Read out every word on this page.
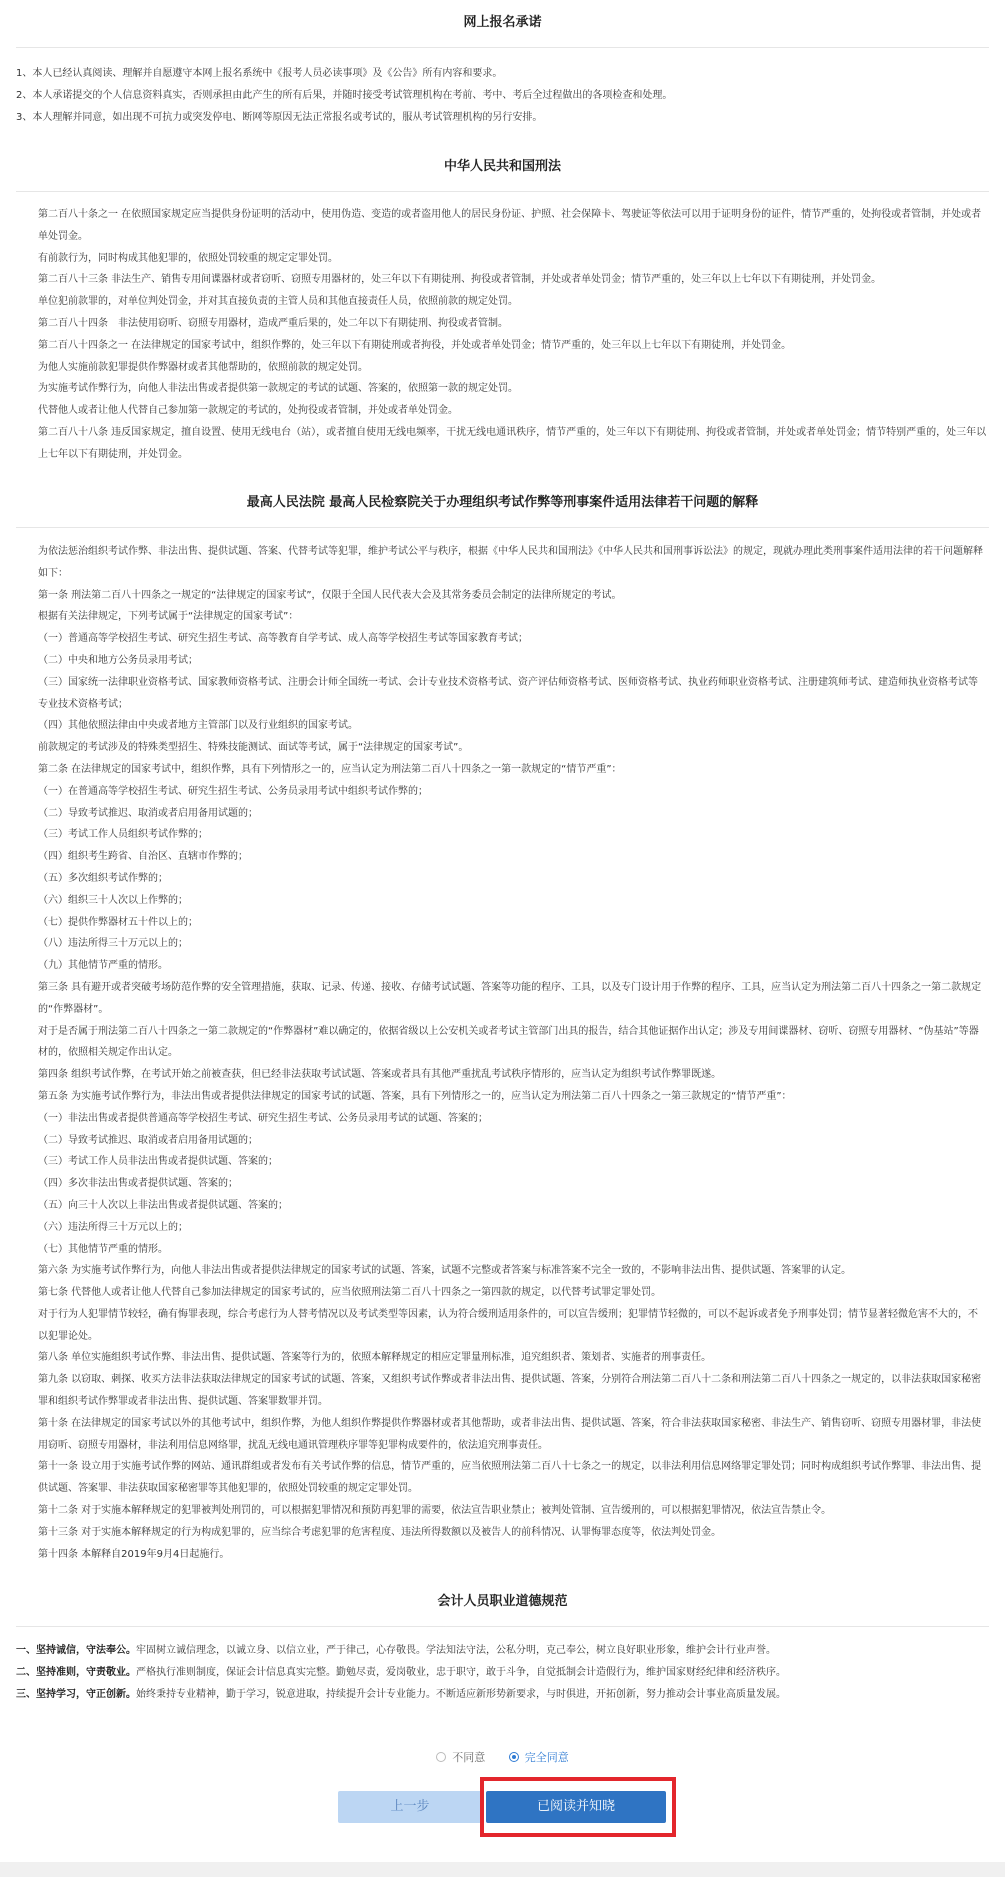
网上报名承诺
1、本人已经认真阅读、理解并自愿遵守本网上报名系统中《报考人员必读事项》及《公告》所有内容和要求。
2、本人承诺提交的个人信息资料真实，否则承担由此产生的所有后果，并随时接受考试管理机构在考前、考中、考后全过程做出的各项检查和处理。
3、本人理解并同意，如出现不可抗力或突发停电、断网等原因无法正常报名或考试的，服从考试管理机构的另行安排。
中华人民共和国刑法
第二百八十条之一 在依照国家规定应当提供身份证明的活动中，使用伪造、变造的或者盗用他人的居民身份证、护照、社会保障卡、驾驶证等依法可以用于证明身份的证件，情节严重的，处拘役或者管制，并处或者单处罚金。
有前款行为，同时构成其他犯罪的，依照处罚较重的规定定罪处罚。
第二百八十三条 非法生产、销售专用间谍器材或者窃听、窃照专用器材的，处三年以下有期徒刑、拘役或者管制，并处或者单处罚金；情节严重的，处三年以上七年以下有期徒刑，并处罚金。
单位犯前款罪的，对单位判处罚金，并对其直接负责的主管人员和其他直接责任人员，依照前款的规定处罚。
第二百八十四条　非法使用窃听、窃照专用器材，造成严重后果的，处二年以下有期徒刑、拘役或者管制。
第二百八十四条之一 在法律规定的国家考试中，组织作弊的，处三年以下有期徒刑或者拘役，并处或者单处罚金；情节严重的，处三年以上七年以下有期徒刑，并处罚金。
为他人实施前款犯罪提供作弊器材或者其他帮助的，依照前款的规定处罚。
为实施考试作弊行为，向他人非法出售或者提供第一款规定的考试的试题、答案的，依照第一款的规定处罚。
代替他人或者让他人代替自己参加第一款规定的考试的，处拘役或者管制，并处或者单处罚金。
第二百八十八条 违反国家规定，擅自设置、使用无线电台（站），或者擅自使用无线电频率，干扰无线电通讯秩序，情节严重的，处三年以下有期徒刑、拘役或者管制，并处或者单处罚金；情节特别严重的，处三年以上七年以下有期徒刑，并处罚金。
最高人民法院 最高人民检察院关于办理组织考试作弊等刑事案件适用法律若干问题的解释
为依法惩治组织考试作弊、非法出售、提供试题、答案、代替考试等犯罪，维护考试公平与秩序，根据《中华人民共和国刑法》《中华人民共和国刑事诉讼法》的规定，现就办理此类刑事案件适用法律的若干问题解释如下：
第一条 刑法第二百八十四条之一规定的“法律规定的国家考试”，仅限于全国人民代表大会及其常务委员会制定的法律所规定的考试。
根据有关法律规定，下列考试属于“法律规定的国家考试”：
（一）普通高等学校招生考试、研究生招生考试、高等教育自学考试、成人高等学校招生考试等国家教育考试；
（二）中央和地方公务员录用考试；
（三）国家统一法律职业资格考试、国家教师资格考试、注册会计师全国统一考试、会计专业技术资格考试、资产评估师资格考试、医师资格考试、执业药师职业资格考试、注册建筑师考试、建造师执业资格考试等专业技术资格考试；
（四）其他依照法律由中央或者地方主管部门以及行业组织的国家考试。
前款规定的考试涉及的特殊类型招生、特殊技能测试、面试等考试，属于“法律规定的国家考试”。
第二条 在法律规定的国家考试中，组织作弊，具有下列情形之一的，应当认定为刑法第二百八十四条之一第一款规定的“情节严重”：
（一）在普通高等学校招生考试、研究生招生考试、公务员录用考试中组织考试作弊的；
（二）导致考试推迟、取消或者启用备用试题的；
（三）考试工作人员组织考试作弊的；
（四）组织考生跨省、自治区、直辖市作弊的；
（五）多次组织考试作弊的；
（六）组织三十人次以上作弊的；
（七）提供作弊器材五十件以上的；
（八）违法所得三十万元以上的；
（九）其他情节严重的情形。
第三条 具有避开或者突破考场防范作弊的安全管理措施，获取、记录、传递、接收、存储考试试题、答案等功能的程序、工具，以及专门设计用于作弊的程序、工具，应当认定为刑法第二百八十四条之一第二款规定的“作弊器材”。
对于是否属于刑法第二百八十四条之一第二款规定的“作弊器材”难以确定的，依据省级以上公安机关或者考试主管部门出具的报告，结合其他证据作出认定；涉及专用间谍器材、窃听、窃照专用器材、“伪基站”等器材的，依照相关规定作出认定。
第四条 组织考试作弊，在考试开始之前被查获，但已经非法获取考试试题、答案或者具有其他严重扰乱考试秩序情形的，应当认定为组织考试作弊罪既遂。
第五条 为实施考试作弊行为，非法出售或者提供法律规定的国家考试的试题、答案，具有下列情形之一的，应当认定为刑法第二百八十四条之一第三款规定的“情节严重”：
（一）非法出售或者提供普通高等学校招生考试、研究生招生考试、公务员录用考试的试题、答案的；
（二）导致考试推迟、取消或者启用备用试题的；
（三）考试工作人员非法出售或者提供试题、答案的；
（四）多次非法出售或者提供试题、答案的；
（五）向三十人次以上非法出售或者提供试题、答案的；
（六）违法所得三十万元以上的；
（七）其他情节严重的情形。
第六条 为实施考试作弊行为，向他人非法出售或者提供法律规定的国家考试的试题、答案，试题不完整或者答案与标准答案不完全一致的，不影响非法出售、提供试题、答案罪的认定。
第七条 代替他人或者让他人代替自己参加法律规定的国家考试的，应当依照刑法第二百八十四条之一第四款的规定，以代替考试罪定罪处罚。
对于行为人犯罪情节较轻，确有悔罪表现，综合考虑行为人替考情况以及考试类型等因素，认为符合缓刑适用条件的，可以宣告缓刑；犯罪情节轻微的，可以不起诉或者免予刑事处罚；情节显著轻微危害不大的，不以犯罪论处。
第八条 单位实施组织考试作弊、非法出售、提供试题、答案等行为的，依照本解释规定的相应定罪量刑标准，追究组织者、策划者、实施者的刑事责任。
第九条 以窃取、刺探、收买方法非法获取法律规定的国家考试的试题、答案，又组织考试作弊或者非法出售、提供试题、答案，分别符合刑法第二百八十二条和刑法第二百八十四条之一规定的，以非法获取国家秘密罪和组织考试作弊罪或者非法出售、提供试题、答案罪数罪并罚。
第十条 在法律规定的国家考试以外的其他考试中，组织作弊，为他人组织作弊提供作弊器材或者其他帮助，或者非法出售、提供试题、答案，符合非法获取国家秘密、非法生产、销售窃听、窃照专用器材罪，非法使用窃听、窃照专用器材，非法利用信息网络罪，扰乱无线电通讯管理秩序罪等犯罪构成要件的，依法追究刑事责任。
第十一条 设立用于实施考试作弊的网站、通讯群组或者发布有关考试作弊的信息，情节严重的，应当依照刑法第二百八十七条之一的规定，以非法利用信息网络罪定罪处罚；同时构成组织考试作弊罪、非法出售、提供试题、答案罪、非法获取国家秘密罪等其他犯罪的，依照处罚较重的规定定罪处罚。
第十二条 对于实施本解释规定的犯罪被判处刑罚的，可以根据犯罪情况和预防再犯罪的需要，依法宣告职业禁止；被判处管制、宣告缓刑的，可以根据犯罪情况，依法宣告禁止令。
第十三条 对于实施本解释规定的行为构成犯罪的，应当综合考虑犯罪的危害程度、违法所得数额以及被告人的前科情况、认罪悔罪态度等，依法判处罚金。
第十四条 本解释自2019年9月4日起施行。
会计人员职业道德规范
一、坚持诚信，守法奉公。牢固树立诚信理念，以诚立身、以信立业，严于律己，心存敬畏。学法知法守法，公私分明，克己奉公，树立良好职业形象，维护会计行业声誉。
二、坚持准则，守责敬业。严格执行准则制度，保证会计信息真实完整。勤勉尽责，爱岗敬业，忠于职守，敢于斗争，自觉抵制会计造假行为，维护国家财经纪律和经济秩序。
三、坚持学习，守正创新。始终秉持专业精神，勤于学习，锐意进取，持续提升会计专业能力。不断适应新形势新要求，与时俱进，开拓创新，努力推动会计事业高质量发展。
不同意
	完全同意
上一步	已阅读并知晓
